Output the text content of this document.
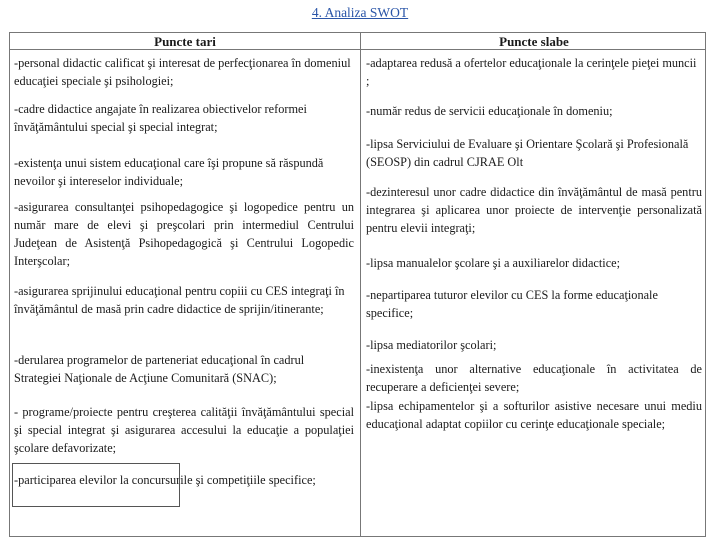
4. Analiza SWOT
Puncte tari	Puncte slabe

-personal didactic calificat şi interesat de perfecţionarea în domeniul educaţiei speciale şi psihologiei;

-cadre didactice angajate în realizarea obiectivelor reformei învăţământului special şi special integrat;

-existenţa unui sistem educaţional care îşi propune să răspundă nevoilor şi intereselor individuale;

-asigurarea consultanţei psihopedagogice şi logopedice pentru un număr mare de elevi şi preşcolari prin intermediul Centrului Judeţean de Asistenţă Psihopedagogică şi Centrului Logopedic Interşcolar;

-asigurarea sprijinului educaţional pentru copiii cu CES integraţi în învăţământul de masă prin cadre didactice de sprijin/itinerante;

-derularea programelor de parteneriat educaţional în cadrul Strategiei Naţionale de Acţiune Comunitară (SNAC);

- programe/proiecte pentru creşterea calităţii învăţământului special şi special integrat şi asigurarea accesului la educaţie a populaţiei şcolare defavorizate;

-participarea elevilor la concursurile şi competiţiile specifice;

-adaptarea redusă a ofertelor educaţionale la cerinţele pieţei muncii ;

-număr redus de servicii educaţionale în domeniu;

-lipsa Serviciului de Evaluare şi Orientare Şcolară şi Profesională (SEOSP) din cadrul CJRAE Olt

-dezinteresul unor cadre didactice din învăţământul de masă pentru integrarea şi aplicarea unor proiecte de intervenţie personalizată pentru elevii integraţi;

-lipsa manualelor şcolare şi a auxiliarelor didactice;

-nepartiparea tuturor elevilor cu CES la forme educaţionale specifice;

-lipsa mediatorilor şcolari;

-inexistenţa unor alternative educaţionale în activitatea de recuperare a deficienţei severe;

-lipsa echipamentelor şi a softurilor asistive necesare unui mediu educaţional adaptat copiilor cu cerinţe educaţionale speciale;
